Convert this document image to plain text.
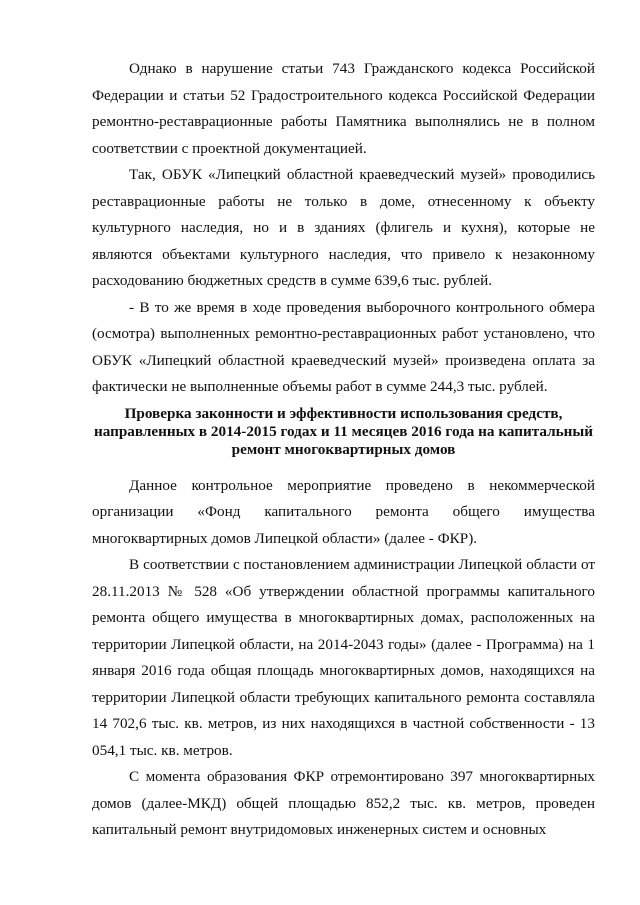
Однако в нарушение статьи 743 Гражданского кодекса Российской Федерации и статьи 52 Градостроительного кодекса Российской Федерации ремонтно-реставрационные работы Памятника выполнялись не в полном соответствии с проектной документацией.

Так, ОБУК «Липецкий областной краеведческий музей» проводились реставрационные работы не только в доме, отнесенному к объекту культурного наследия, но и в зданиях (флигель и кухня), которые не являются объектами культурного наследия, что привело к незаконному расходованию бюджетных средств в сумме 639,6 тыс. рублей.

- В то же время в ходе проведения выборочного контрольного обмера (осмотра) выполненных ремонтно-реставрационных работ установлено, что ОБУК «Липецкий областной краеведческий музей» произведена оплата за фактически не выполненные объемы работ в сумме 244,3 тыс. рублей.

Проверка законности и эффективности использования средств, направленных в 2014-2015 годах и 11 месяцев 2016 года на капитальный ремонт многоквартирных домов

Данное контрольное мероприятие проведено в некоммерческой организации «Фонд капитального ремонта общего имущества многоквартирных домов Липецкой области» (далее - ФКР).

В соответствии с постановлением администрации Липецкой области от 28.11.2013 № 528 «Об утверждении областной программы капитального ремонта общего имущества в многоквартирных домах, расположенных на территории Липецкой области, на 2014-2043 годы» (далее - Программа) на 1 января 2016 года общая площадь многоквартирных домов, находящихся на территории Липецкой области требующих капитального ремонта составляла 14 702,6 тыс. кв. метров, из них находящихся в частной собственности - 13 054,1 тыс. кв. метров.

С момента образования ФКР отремонтировано 397 многоквартирных домов (далее-МКД) общей площадью 852,2 тыс. кв. метров, проведен капитальный ремонт внутридомовых инженерных систем и основных
